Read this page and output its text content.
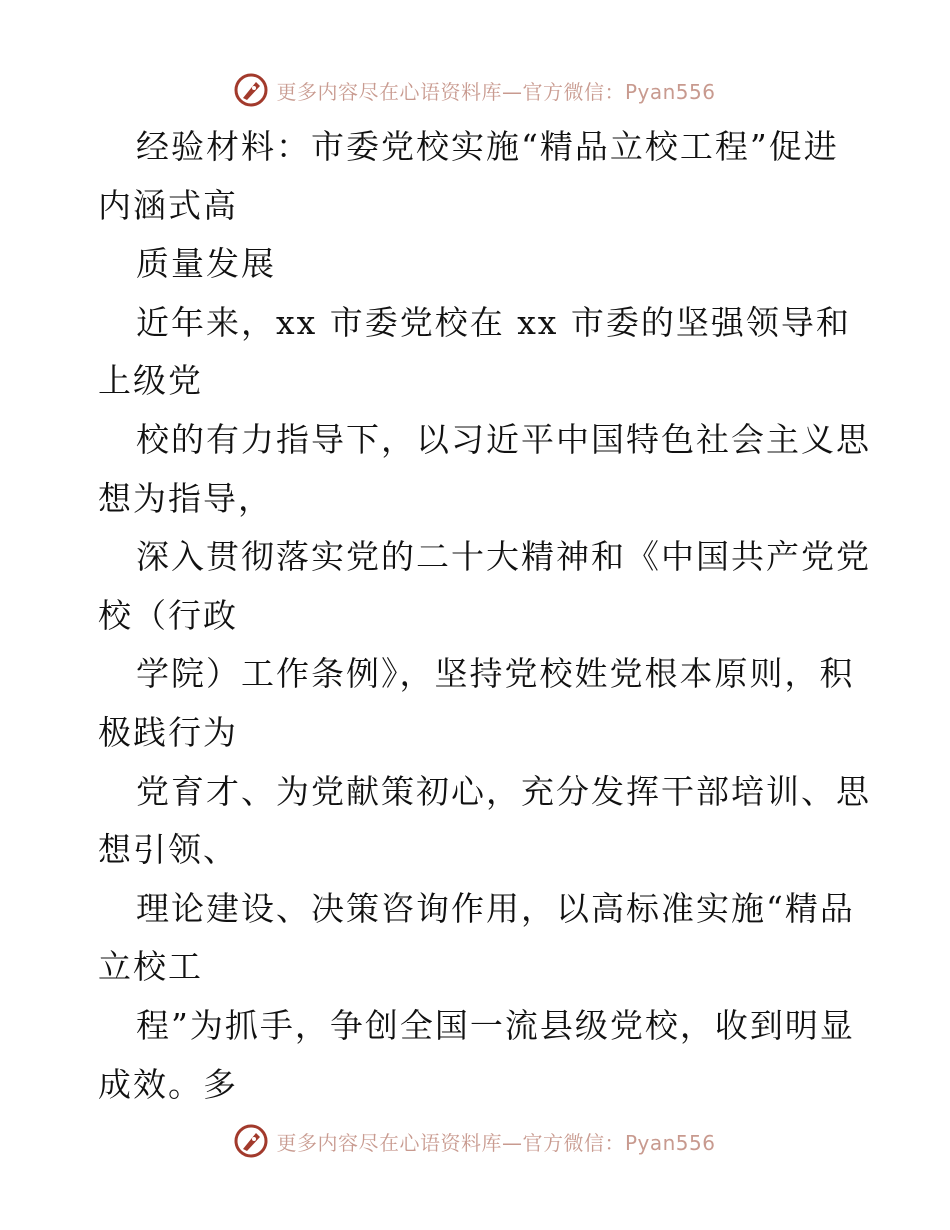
更多内容尽在心语资料库—官方微信：Pyan556
经验材料：市委党校实施“精品立校工程”促进
内涵式高
质量发展
近年来，xx 市委党校在 xx 市委的坚强领导和
上级党
校的有力指导下，以习近平中国特色社会主义思
想为指导，
深入贯彻落实党的二十大精神和《中国共产党党
校（行政
学院）工作条例》，坚持党校姓党根本原则，积
极践行为
党育才、为党献策初心，充分发挥干部培训、思
想引领、
理论建设、决策咨询作用，以高标准实施“精品
立校工
程”为抓手，争创全国一流县级党校，收到明显
成效。多
更多内容尽在心语资料库—官方微信：Pyan556
